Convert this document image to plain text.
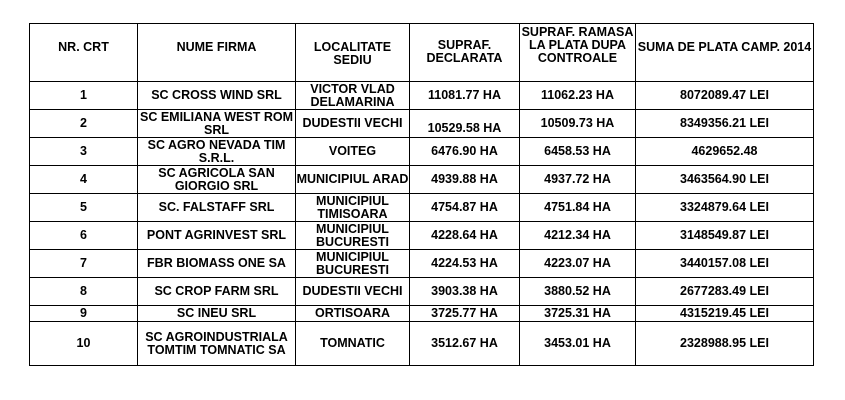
NR. CRT	NUME FIRMA	LOCALITATE SEDIU	SUPRAF. DECLARATA	SUPRAF. RAMASA LA PLATA DUPA CONTROALE	SUMA DE PLATA CAMP. 2014
1	SC CROSS WIND SRL	VICTOR VLAD DELAMARINA	11081.77 HA	11062.23 HA	8072089.47 LEI
2	SC EMILIANA WEST ROM SRL	DUDESTII VECHI	10529.58 HA	10509.73 HA	8349356.21 LEI
3	SC AGRO NEVADA TIM S.R.L.	VOITEG	6476.90 HA	6458.53 HA	4629652.48
4	SC AGRICOLA SAN GIORGIO SRL	MUNICIPIUL ARAD	4939.88 HA	4937.72 HA	3463564.90 LEI
5	SC. FALSTAFF SRL	MUNICIPIUL TIMISOARA	4754.87 HA	4751.84 HA	3324879.64 LEI
6	PONT AGRINVEST SRL	MUNICIPIUL BUCURESTI	4228.64 HA	4212.34 HA	3148549.87 LEI
7	FBR BIOMASS ONE SA	MUNICIPIUL BUCURESTI	4224.53 HA	4223.07 HA	3440157.08 LEI
8	SC CROP FARM SRL	DUDESTII VECHI	3903.38 HA	3880.52 HA	2677283.49 LEI
9	SC INEU SRL	ORTISOARA	3725.77 HA	3725.31 HA	4315219.45 LEI
10	SC AGROINDUSTRIALA TOMTIM TOMNATIC SA	TOMNATIC	3512.67 HA	3453.01 HA	2328988.95 LEI
